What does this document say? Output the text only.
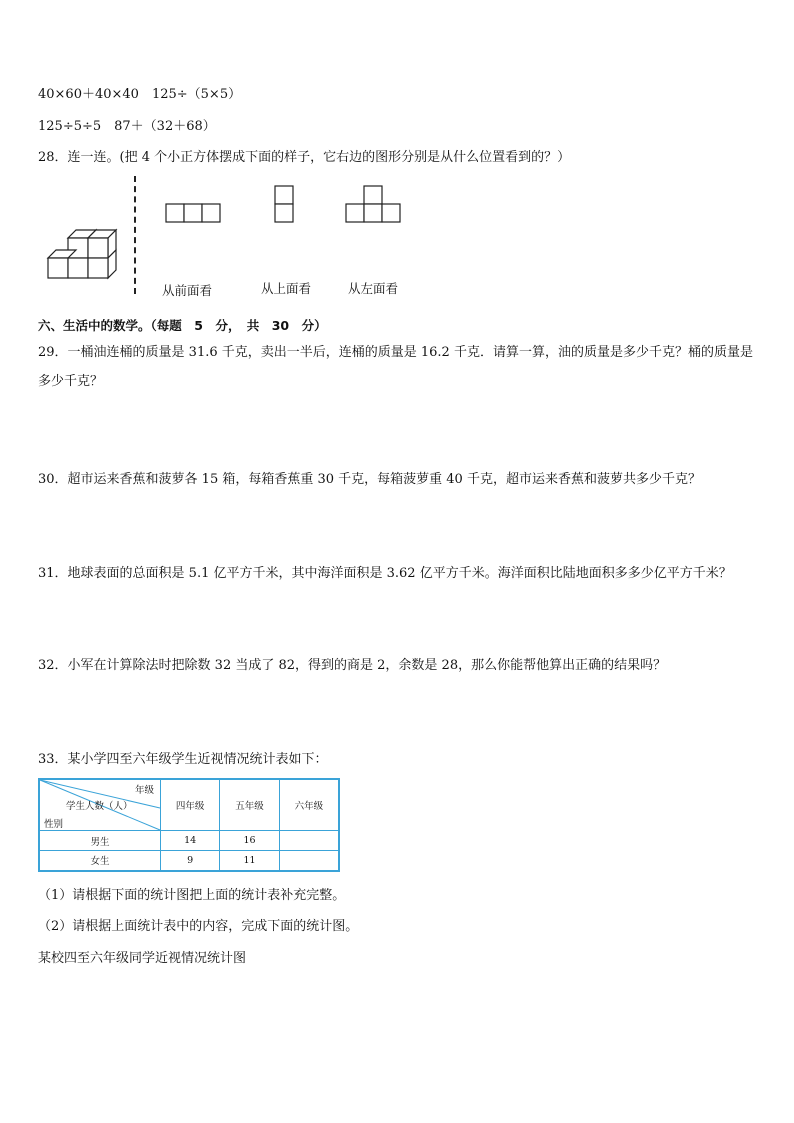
40×60＋40×40　125÷（5×5）
125÷5÷5　87＋（32＋68）
28．连一连。(把 4 个小正方体摆成下面的样子，它右边的图形分别是从什么位置看到的？）
从前面看	从上面看	从左面看
六、生活中的数学。（每题　5　分，　共　30　分）
29．一桶油连桶的质量是 31.6 千克，卖出一半后，连桶的质量是 16.2 千克．请算一算，油的质量是多少千克？桶的质量是多少千克？
30．超市运来香蕉和菠萝各 15 箱，每箱香蕉重 30 千克，每箱菠萝重 40 千克，超市运来香蕉和菠萝共多少千克？
31．地球表面的总面积是 5.1 亿平方千米，其中海洋面积是 3.62 亿平方千米。海洋面积比陆地面积多多少亿平方千米？
32．小军在计算除法时把除数 32 当成了 82，得到的商是 2，余数是 28，那么你能帮他算出正确的结果吗？
33．某小学四至六年级学生近视情况统计表如下：
年级
学生人数（人）
性别	四年级	五年级	六年级
男生	14	16	
女生	9	11	
（1）请根据下面的统计图把上面的统计表补充完整。
（2）请根据上面统计表中的内容，完成下面的统计图。
某校四至六年级同学近视情况统计图
